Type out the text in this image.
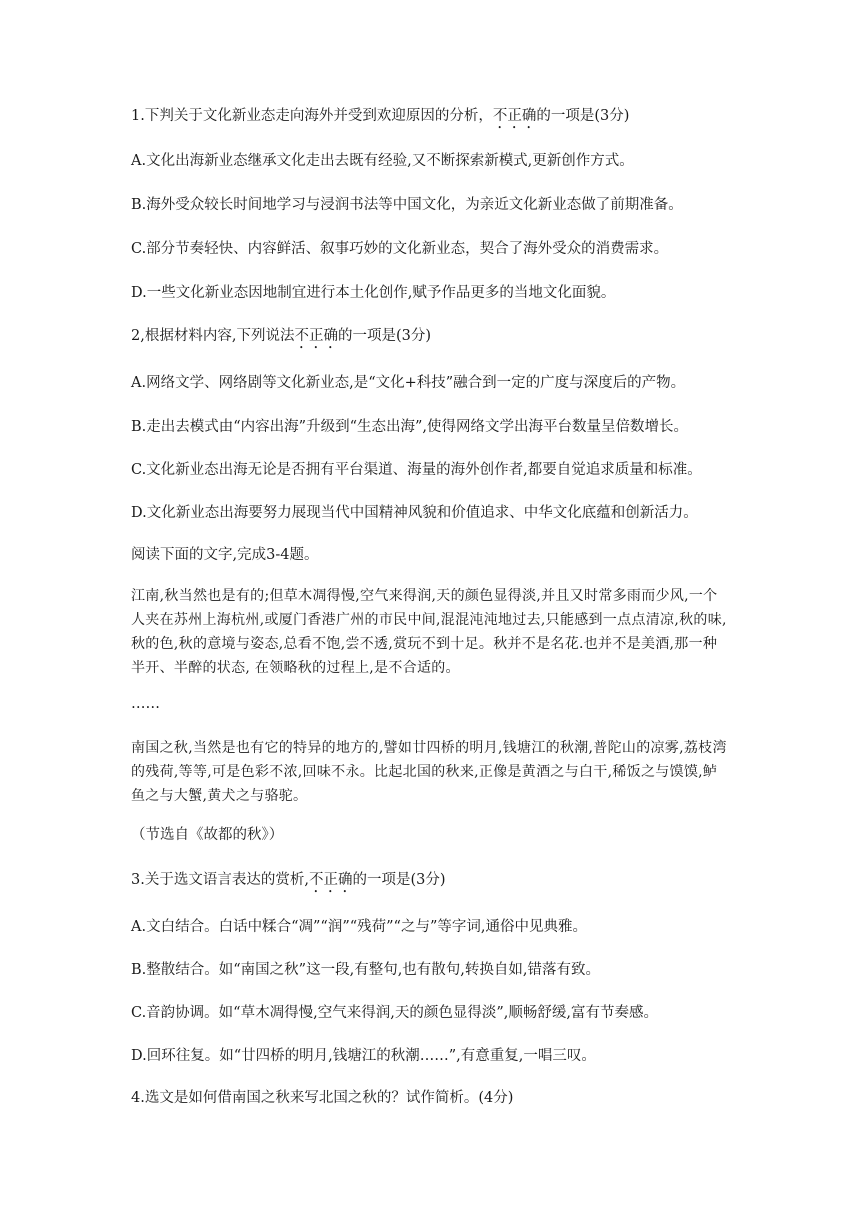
1.下判关于文化新业态走向海外并受到欢迎原因的分析，不正确的一项是(3分)
A.文化出海新业态继承文化走出去既有经验,又不断探索新模式,更新创作方式。
B.海外受众较长时间地学习与浸润书法等中国文化，为亲近文化新业态做了前期准备。
C.部分节奏轻快、内容鲜活、叙事巧妙的文化新业态，契合了海外受众的消费需求。
D.一些文化新业态因地制宜进行本土化创作,赋予作品更多的当地文化面貌。
2,根据材料内容,下列说法不正确的一项是(3分)
A.网络文学、网络剧等文化新业态,是“文化+科技”融合到一定的广度与深度后的产物。
B.走出去模式由“内容出海”升级到“生态出海”,使得网络文学出海平台数量呈倍数增长。
C.文化新业态出海无论是否拥有平台渠道、海量的海外创作者,都要自觉追求质量和标准。
D.文化新业态出海要努力展现当代中国精神风貌和价值追求、中华文化底蕴和创新活力。
阅读下面的文字,完成3-4题。

江南,秋当然也是有的;但草木凋得慢,空气来得润,天的颜色显得淡,并且又时常多雨而少风,一个人夹在苏州上海杭州,或厦门香港广州的市民中间,混混沌沌地过去,只能感到一点点清凉,秋的味,秋的色,秋的意境与姿态,总看不饱,尝不透,赏玩不到十足。秋并不是名花.也并不是美酒,那一种半开、半醉的状态, 在领略秋的过程上,是不合适的。

……

南国之秋,当然是也有它的特异的地方的,譬如廿四桥的明月,钱塘江的秋潮,普陀山的凉雾,荔枝湾的残荷,等等,可是色彩不浓,回味不永。比起北国的秋来,正像是黄酒之与白干,稀饭之与馍馍,鲈鱼之与大蟹,黄犬之与骆驼。

（节选自《故都的秋》）
3.关于选文语言表达的赏析,不正确的一项是(3分)
A.文白结合。白话中糅合“凋”“润”“残荷”“之与”等字词,通俗中见典雅。
B.整散结合。如“南国之秋”这一段,有整句,也有散句,转换自如,错落有致。
C.音韵协调。如“草木凋得慢,空气来得润,天的颜色显得淡”,顺畅舒缓,富有节奏感。
D.回环往复。如“廿四桥的明月,钱塘江的秋潮……”,有意重复,一唱三叹。
4.选文是如何借南国之秋来写北国之秋的？试作简析。(4分)
